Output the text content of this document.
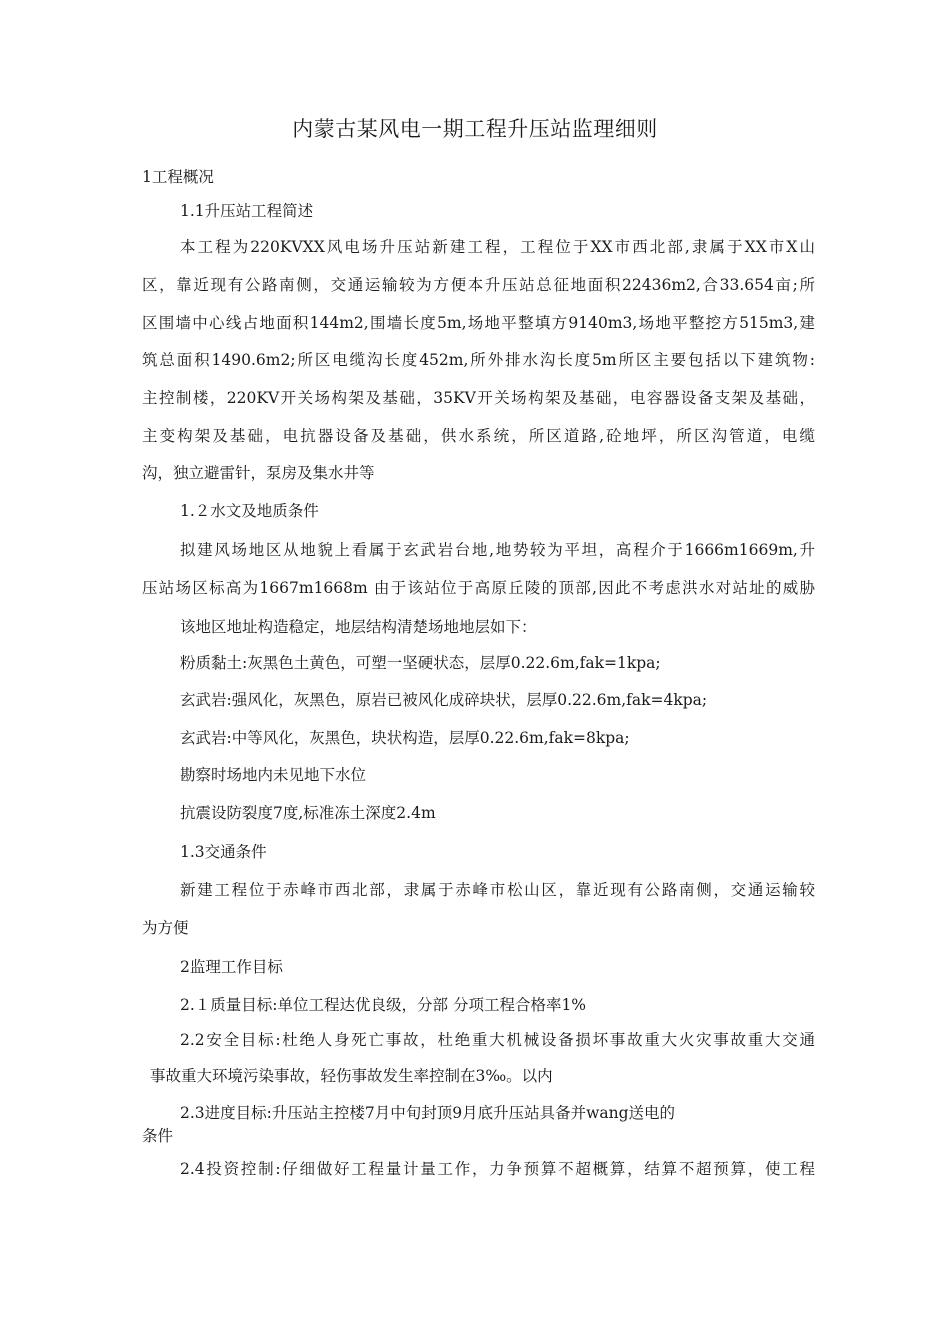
内蒙古某风电一期工程升压站监理细则
1工程概况
1.1升压站工程简述
本工程为220KVXX风电场升压站新建工程，工程位于XX市西北部,隶属于XX市X山
区，靠近现有公路南侧，交通运输较为方便本升压站总征地面积22436m2,合33.654亩;所
区围墙中心线占地面积144m2,围墙长度5m,场地平整填方9140m3,场地平整挖方515m3,建
筑总面积1490.6m2;所区电缆沟长度452m,所外排水沟长度5m所区主要包括以下建筑物:
主控制楼，220KV开关场构架及基础，35KV开关场构架及基础，电容器设备支架及基础，
主变构架及基础，电抗器设备及基础，供水系统，所区道路,砼地坪，所区沟管道，电缆
沟，独立避雷针，泵房及集水井等
1.２水文及地质条件
拟建风场地区从地貌上看属于玄武岩台地,地势较为平坦，高程介于1666m1669m,升
压站场区标高为1667m1668m 由于该站位于高原丘陵的顶部,因此不考虑洪水对站址的威胁
该地区地址构造稳定，地层结构清楚场地地层如下：
粉质黏土:灰黑色土黄色，可塑一坚硬状态，层厚0.22.6m,fak=1kpa;
玄武岩:强风化，灰黑色，原岩已被风化成碎块状，层厚0.22.6m,fak=4kpa;
玄武岩:中等风化，灰黑色，块状构造，层厚0.22.6m,fak=8kpa;
勘察时场地内未见地下水位
抗震设防裂度7度,标准冻土深度2.4m
1.3交通条件
新建工程位于赤峰市西北部，隶属于赤峰市松山区，靠近现有公路南侧，交通运输较
为方便
2监理工作目标
2.１质量目标:单位工程达优良级，分部 分项工程合格率1%
2.2安全目标:杜绝人身死亡事故，杜绝重大机械设备损坏事故重大火灾事故重大交通
事故重大环境污染事故，轻伤事故发生率控制在3‰。以内
2.3进度目标:升压站主控楼7月中旬封顶9月底升压站具备并wang送电的
条件
2.4投资控制:仔细做好工程量计量工作，力争预算不超概算，结算不超预算，使工程
